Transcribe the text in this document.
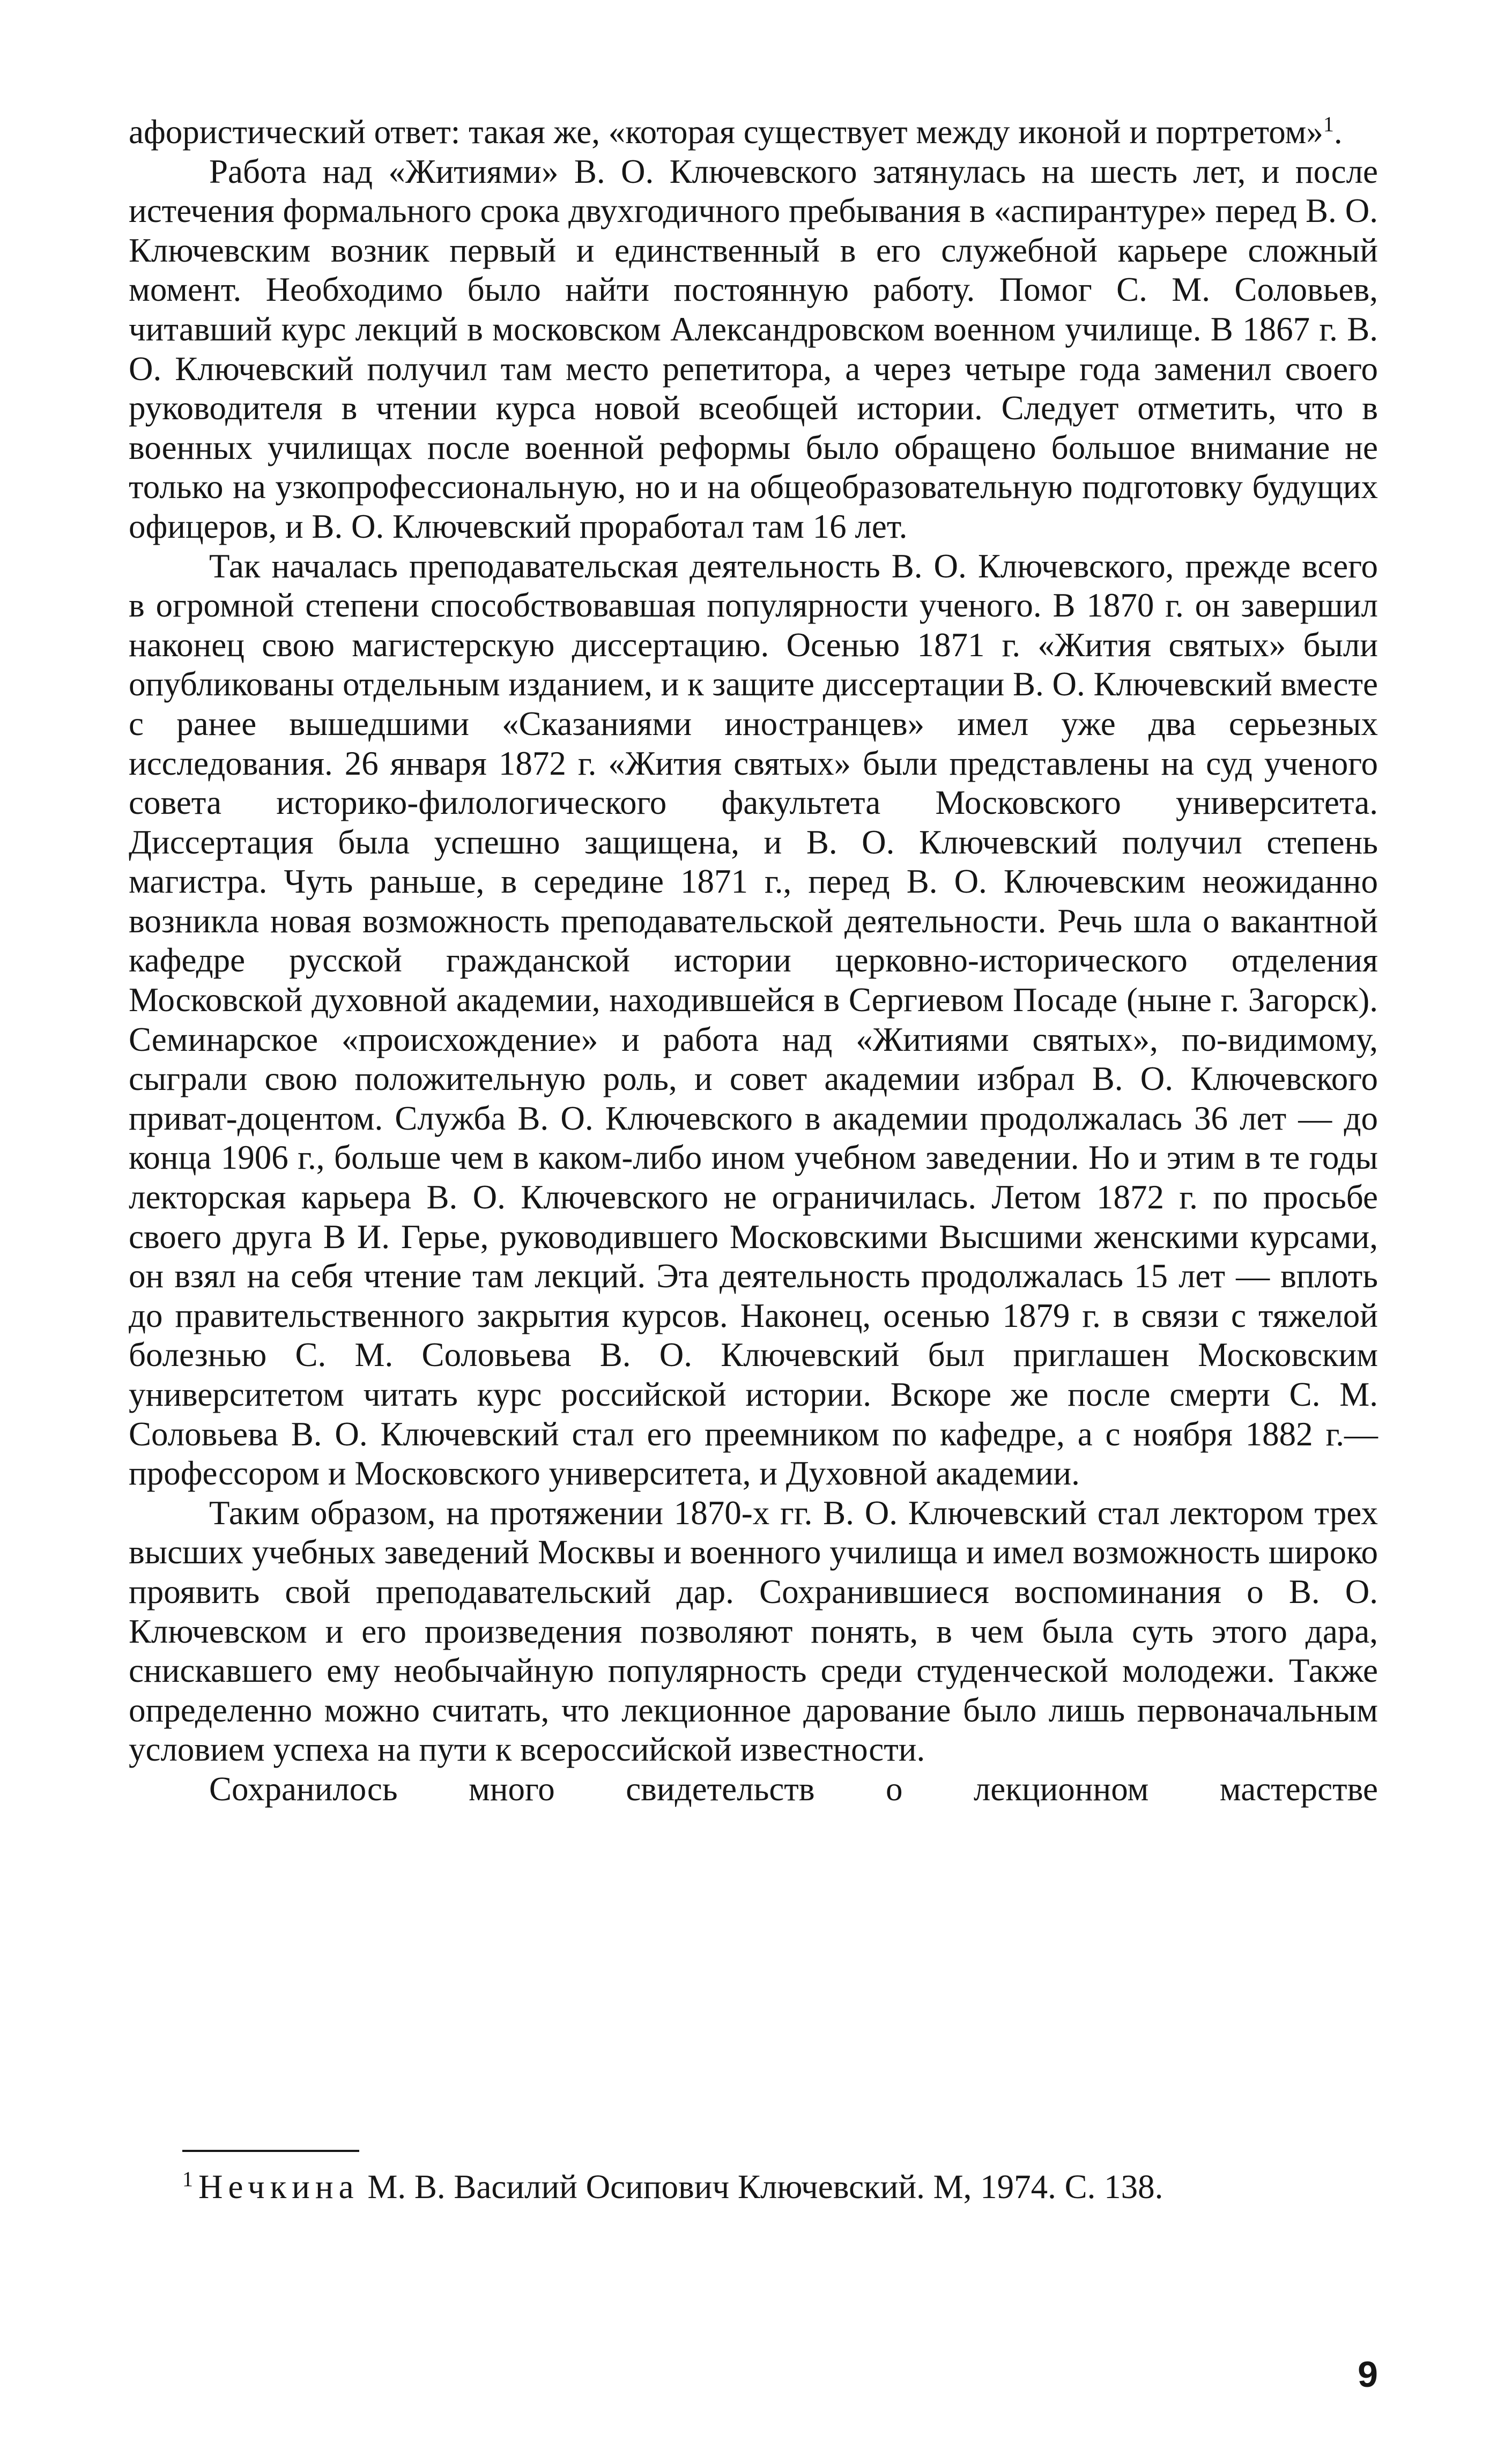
афористический ответ: такая же, «которая существует между иконой и портретом»$^1$.

Работа над «Житиями» В. О. Ключевского затянулась на шесть лет, и после истечения формального срока двухгодичного пребывания в «аспирантуре» перед В. О. Ключевским возник первый и единственный в его служебной карьере сложный момент. Необходимо было найти постоянную работу. Помог С. М. Соловьев, читавший курс лекций в московском Александровском военном училище. В 1867 г. В. О. Ключевский получил там место репетитора, а через четыре года заменил своего руководителя в чтении курса новой всеобщей истории. Следует отметить, что в военных училищах после военной реформы было обращено большое внимание не только на узкопрофессиональную, но и на общеобразовательную подготовку будущих офицеров, и В. О. Ключевский проработал там 16 лет.

Так началась преподавательская деятельность В. О. Ключевского, прежде всего в огромной степени способствовавшая популярности ученого. В 1870 г. он завершил наконец свою магистерскую диссертацию. Осенью 1871 г. «Жития святых» были опубликованы отдельным изданием, и к защите диссертации В. О. Ключевский вместе с ранее вышедшими «Сказаниями иностранцев» имел уже два серьезных исследования. 26 января 1872 г. «Жития святых» были представлены на суд ученого совета историко-филологического факультета Московского университета. Диссертация была успешно защищена, и В. О. Ключевский получил степень магистра. Чуть раньше, в середине 1871 г., перед В. О. Ключевским неожиданно возникла новая возможность преподавательской деятельности. Речь шла о вакантной кафедре русской гражданской истории церковно-исторического отделения Московской духовной академии, находившейся в Сергиевом Посаде (ныне г. Загорск). Семинарское «происхождение» и работа над «Житиями святых», по-видимому, сыграли свою положительную роль, и совет академии избрал В. О. Ключевского приват-доцентом. Служба В. О. Ключевского в академии продолжалась 36 лет — до конца 1906 г., больше чем в каком-либо ином учебном заведении. Но и этим в те годы лекторская карьера В. О. Ключевского не ограничилась. Летом 1872 г. по просьбе своего друга В И. Герье, руководившего Московскими Высшими женскими курсами, он взял на себя чтение там лекций. Эта деятельность продолжалась 15 лет — вплоть до правительственного закрытия курсов. Наконец, осенью 1879 г. в связи с тяжелой болезнью С. М. Соловьева В. О. Ключевский был приглашен Московским университетом читать курс российской истории. Вскоре же после смерти С. М. Соловьева В. О. Ключевский стал его преемником по кафедре, а с ноября 1882 г.— профессором и Московского университета, и Духовной академии.

Таким образом, на протяжении 1870-х гг. В. О. Ключевский стал лектором трех высших учебных заведений Москвы и военного училища и имел возможность широко проявить свой преподавательский дар. Сохранившиеся воспоминания о В. О. Ключевском и его произведения позволяют понять, в чем была суть этого дара, снискавшего ему необычайную популярность среди студенческой молодежи. Также определенно можно считать, что лекционное дарование было лишь первоначальным условием успеха на пути к всероссийской известности.

Сохранилось много свидетельств о лекционном мастерстве

$^1$ Нечкина М. В. Василий Осипович Ключевский. М, 1974. С. 138.
9
